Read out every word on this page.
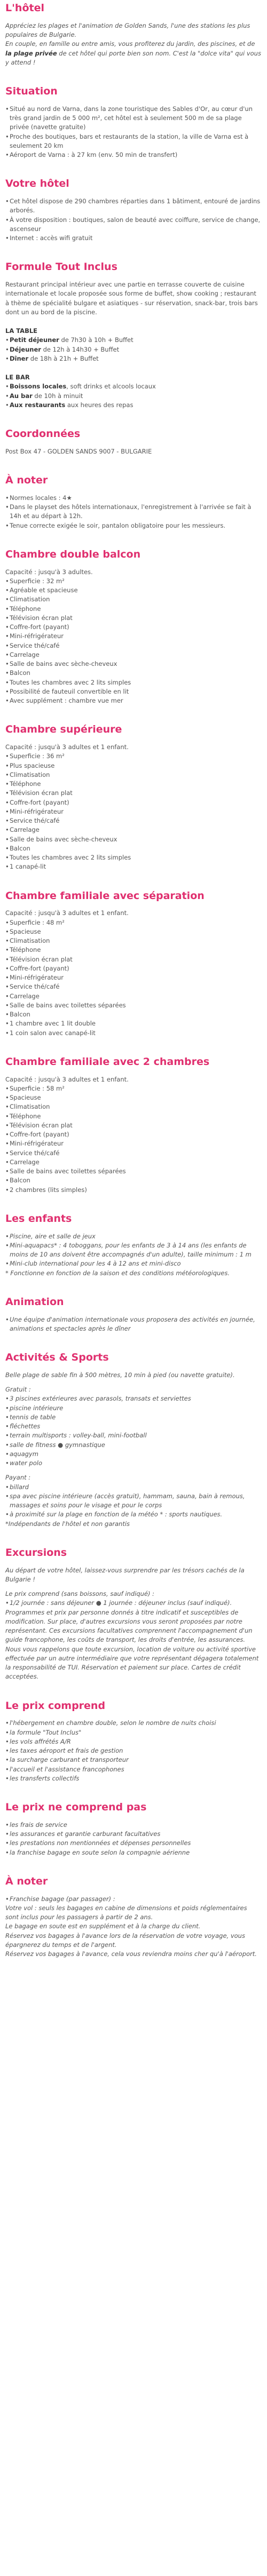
L'hôtel

Appréciez les plages et l'animation de Golden Sands, l'une des stations les plus populaires de Bulgarie.

En couple, en famille ou entre amis, vous profiterez du jardin, des piscines, et de la plage privée de cet hôtel qui porte bien son nom. C'est la "dolce vita" qui vous y attend !

Situation
• Situé au nord de Varna, dans la zone touristique des Sables d'Or, au cœur d'un très grand jardin de 5 000 m², cet hôtel est à seulement 500 m de sa plage privée (navette gratuite)
• Proche des boutiques, bars et restaurants de la station, la ville de Varna est à seulement 20 km
• Aéroport de Varna : à 27 km (env. 50 min de transfert)
Votre hôtel
• Cet hôtel dispose de 290 chambres réparties dans 1 bâtiment, entouré de jardins arborés.
• À votre disposition : boutiques, salon de beauté avec coiffure, service de change, ascenseur
• Internet : accès wifi gratuit
Formule Tout Inclus

Restaurant principal intérieur avec une partie en terrasse couverte de cuisine internationale et locale proposée sous forme de buffet, show cooking ; restaurant à thème de spécialité bulgare et asiatiques - sur réservation, snack-bar, trois bars dont un au bord de la piscine.

LA TABLE

• Petit déjeuner de 7h30 à 10h + Buffet
• Déjeuner de 12h à 14h30 + Buffet
• Dîner de 18h à 21h + Buffet

LE BAR

• Boissons locales, soft drinks et alcools locaux
• Au bar de 10h à minuit
• Aux restaurants aux heures des repas
Coordonnées

Post Box 47 - GOLDEN SANDS 9007 - BULGARIE

À noter
• Normes locales : 4★
• Dans le playset des hôtels internationaux, l'enregistrement à l'arrivée se fait à 14h et au départ à 12h.
• Tenue correcte exigée le soir, pantalon obligatoire pour les messieurs.
Chambre double balcon

Capacité : jusqu'à 3 adultes.

• Superficie : 32 m²
• Agréable et spacieuse
• Climatisation
• Téléphone
• Télévision écran plat
• Coffre-fort (payant)
• Mini-réfrigérateur
• Service thé/café
• Carrelage
• Salle de bains avec sèche-cheveux
• Balcon
• Toutes les chambres avec 2 lits simples
• Possibilité de fauteuil convertible en lit
• Avec supplément : chambre vue mer
Chambre supérieure

Capacité : jusqu'à 3 adultes et 1 enfant.

• Superficie : 36 m²
• Plus spacieuse
• Climatisation
• Téléphone
• Télévision écran plat
• Coffre-fort (payant)
• Mini-réfrigérateur
• Service thé/café
• Carrelage
• Salle de bains avec sèche-cheveux
• Balcon
• Toutes les chambres avec 2 lits simples
• 1 canapé-lit
Chambre familiale avec séparation

Capacité : jusqu'à 3 adultes et 1 enfant.

• Superficie : 48 m²
• Spacieuse
• Climatisation
• Téléphone
• Télévision écran plat
• Coffre-fort (payant)
• Mini-réfrigérateur
• Service thé/café
• Carrelage
• Salle de bains avec toilettes séparées
• Balcon
• 1 chambre avec 1 lit double
• 1 coin salon avec canapé-lit
Chambre familiale avec 2 chambres

Capacité : jusqu'à 3 adultes et 1 enfant.

• Superficie : 58 m²
• Spacieuse
• Climatisation
• Téléphone
• Télévision écran plat
• Coffre-fort (payant)
• Mini-réfrigérateur
• Service thé/café
• Carrelage
• Salle de bains avec toilettes séparées
• Balcon
• 2 chambres (lits simples)
Les enfants
• Piscine, aire et salle de jeux
• Mini-aquapacs* : 4 toboggans, pour les enfants de 3 à 14 ans (les enfants de moins de 10 ans doivent être accompagnés d'un adulte), taille minimum : 1 m
• Mini-club international pour les 4 à 12 ans et mini-disco

* Fonctionne en fonction de la saison et des conditions météorologiques.

Animation
• Une équipe d'animation internationale vous proposera des activités en journée, animations et spectacles après le dîner
Activités & Sports

Belle plage de sable fin à 500 mètres, 10 min à pied (ou navette gratuite).

Gratuit :

• 3 piscines extérieures avec parasols, transats et serviettes
• piscine intérieure
• tennis de table
• fléchettes
• terrain multisports : volley-ball, mini-football
• salle de fitness ● gymnastique
• aquagym
• water polo

Payant :

• billard
• spa avec piscine intérieure (accès gratuit), hammam, sauna, bain à remous, massages et soins pour le visage et pour le corps
• à proximité sur la plage en fonction de la météo * : sports nautiques.

*Indépendants de l'hôtel et non garantis

Excursions

Au départ de votre hôtel, laissez-vous surprendre par les trésors cachés de la Bulgarie !

Le prix comprend (sans boissons, sauf indiqué) :

• 1/2 journée : sans déjeuner ● 1 journée : déjeuner inclus (sauf indiqué).

Programmes et prix par personne donnés à titre indicatif et susceptibles de modification. Sur place, d'autres excursions vous seront proposées par notre représentant. Ces excursions facultatives comprennent l'accompagnement d'un guide francophone, les coûts de transport, les droits d'entrée, les assurances. Nous vous rappelons que toute excursion, location de voiture ou activité sportive effectuée par un autre intermédiaire que votre représentant dégagera totalement la responsabilité de TUI. Réservation et paiement sur place. Cartes de crédit acceptées.

Le prix comprend
• l'hébergement en chambre double, selon le nombre de nuits choisi
• la formule "Tout Inclus"
• les vols affrétés A/R
• les taxes aéroport et frais de gestion
• la surcharge carburant et transporteur
• l'accueil et l'assistance francophones
• les transferts collectifs
Le prix ne comprend pas
• les frais de service
• les assurances et garantie carburant facultatives
• les prestations non mentionnées et dépenses personnelles
• la franchise bagage en soute selon la compagnie aérienne
À noter
• Franchise bagage (par passager) :

Votre vol : seuls les bagages en cabine de dimensions et poids réglementaires sont inclus pour les passagers à partir de 2 ans.

Le bagage en soute est en supplément et à la charge du client.

Réservez vos bagages à l'avance lors de la réservation de votre voyage, vous épargnerez du temps et de l'argent.

Réservez vos bagages à l'avance, cela vous reviendra moins cher qu'à l'aéroport.
